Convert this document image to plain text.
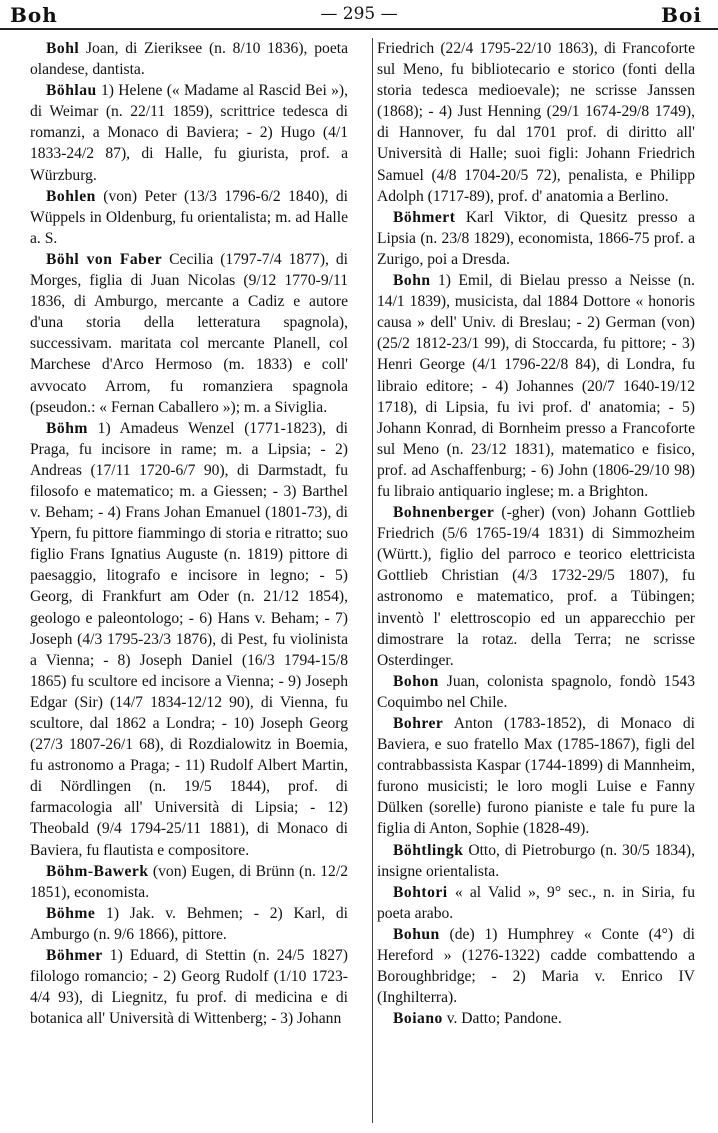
Boh	— 295 —	Boi

Bohl Joan, di Zieriksee (n. 8/10 1836), poeta olandese, dantista.

Böhlau 1) Helene (« Madame al Rascid Bei »), di Weimar (n. 22/11 1859), scrittrice tedesca di romanzi, a Monaco di Baviera; - 2) Hugo (4/1 1833-24/2 87), di Halle, fu giurista, prof. a Würzburg.

Bohlen (von) Peter (13/3 1796-6/2 1840), di Wüppels in Oldenburg, fu orientalista; m. ad Halle a. S.

Böhl von Faber Cecilia (1797-7/4 1877), di Morges, figlia di Juan Nicolas (9/12 1770-9/11 1836, di Amburgo, mercante a Cadiz e autore d'una storia della letteratura spagnola), successivam. maritata col mercante Planell, col Marchese d'Arco Hermoso (m. 1833) e coll' avvocato Arrom, fu romanziera spagnola (pseudon.: « Fernan Caballero »); m. a Siviglia.

Böhm 1) Amadeus Wenzel (1771-1823), di Praga, fu incisore in rame; m. a Lipsia; - 2) Andreas (17/11 1720-6/7 90), di Darmstadt, fu filosofo e matematico; m. a Giessen; - 3) Barthel v. Beham; - 4) Frans Johan Emanuel (1801-73), di Ypern, fu pittore fiammingo di storia e ritratto; suo figlio Frans Ignatius Auguste (n. 1819) pittore di paesaggio, litografo e incisore in legno; - 5) Georg, di Frankfurt am Oder (n. 21/12 1854), geologo e paleontologo; - 6) Hans v. Beham; - 7) Joseph (4/3 1795-23/3 1876), di Pest, fu violinista a Vienna; - 8) Joseph Daniel (16/3 1794-15/8 1865) fu scultore ed incisore a Vienna; - 9) Joseph Edgar (Sir) (14/7 1834-12/12 90), di Vienna, fu scultore, dal 1862 a Londra; - 10) Joseph Georg (27/3 1807-26/1 68), di Rozdialowitz in Boemia, fu astronomo a Praga; - 11) Rudolf Albert Martin, di Nördlingen (n. 19/5 1844), prof. di farmacologia all' Università di Lipsia; - 12) Theobald (9/4 1794-25/11 1881), di Monaco di Baviera, fu flautista e compositore.

Böhm-Bawerk (von) Eugen, di Brünn (n. 12/2 1851), economista.

Böhme 1) Jak. v. Behmen; - 2) Karl, di Amburgo (n. 9/6 1866), pittore.

Böhmer 1) Eduard, di Stettin (n. 24/5 1827) filologo romancio; - 2) Georg Rudolf (1/10 1723-4/4 93), di Liegnitz, fu prof. di medicina e di botanica all' Università di Wittenberg; - 3) Johann

Friedrich (22/4 1795-22/10 1863), di Francoforte sul Meno, fu bibliotecario e storico (fonti della storia tedesca medioevale); ne scrisse Janssen (1868); - 4) Just Henning (29/1 1674-29/8 1749), di Hannover, fu dal 1701 prof. di diritto all' Università di Halle; suoi figli: Johann Friedrich Samuel (4/8 1704-20/5 72), penalista, e Philipp Adolph (1717-89), prof. d' anatomia a Berlino.

Böhmert Karl Viktor, di Quesitz presso a Lipsia (n. 23/8 1829), economista, 1866-75 prof. a Zurigo, poi a Dresda.

Bohn 1) Emil, di Bielau presso a Neisse (n. 14/1 1839), musicista, dal 1884 Dottore « honoris causa » dell' Univ. di Breslau; - 2) German (von) (25/2 1812-23/1 99), di Stoccarda, fu pittore; - 3) Henri George (4/1 1796-22/8 84), di Londra, fu libraio editore; - 4) Johannes (20/7 1640-19/12 1718), di Lipsia, fu ivi prof. d' anatomia; - 5) Johann Konrad, di Bornheim presso a Francoforte sul Meno (n. 23/12 1831), matematico e fisico, prof. ad Aschaffenburg; - 6) John (1806-29/10 98) fu libraio antiquario inglese; m. a Brighton.

Bohnenberger (-gher) (von) Johann Gottlieb Friedrich (5/6 1765-19/4 1831) di Simmozheim (Württ.), figlio del parroco e teorico elettricista Gottlieb Christian (4/3 1732-29/5 1807), fu astronomo e matematico, prof. a Tübingen; inventò l' elettroscopio ed un apparecchio per dimostrare la rotaz. della Terra; ne scrisse Osterdinger.

Bohon Juan, colonista spagnolo, fondò 1543 Coquimbo nel Chile.

Bohrer Anton (1783-1852), di Monaco di Baviera, e suo fratello Max (1785-1867), figli del contrabbassista Kaspar (1744-1899) di Mannheim, furono musicisti; le loro mogli Luise e Fanny Dülken (sorelle) furono pianiste e tale fu pure la figlia di Anton, Sophie (1828-49).

Böhtlingk Otto, di Pietroburgo (n. 30/5 1834), insigne orientalista.

Bohtori « al Valid », 9° sec., n. in Siria, fu poeta arabo.

Bohun (de) 1) Humphrey « Conte (4°) di Hereford » (1276-1322) cadde combattendo a Boroughbridge; - 2) Maria v. Enrico IV (Inghilterra).

Boiano v. Datto; Pandone.
